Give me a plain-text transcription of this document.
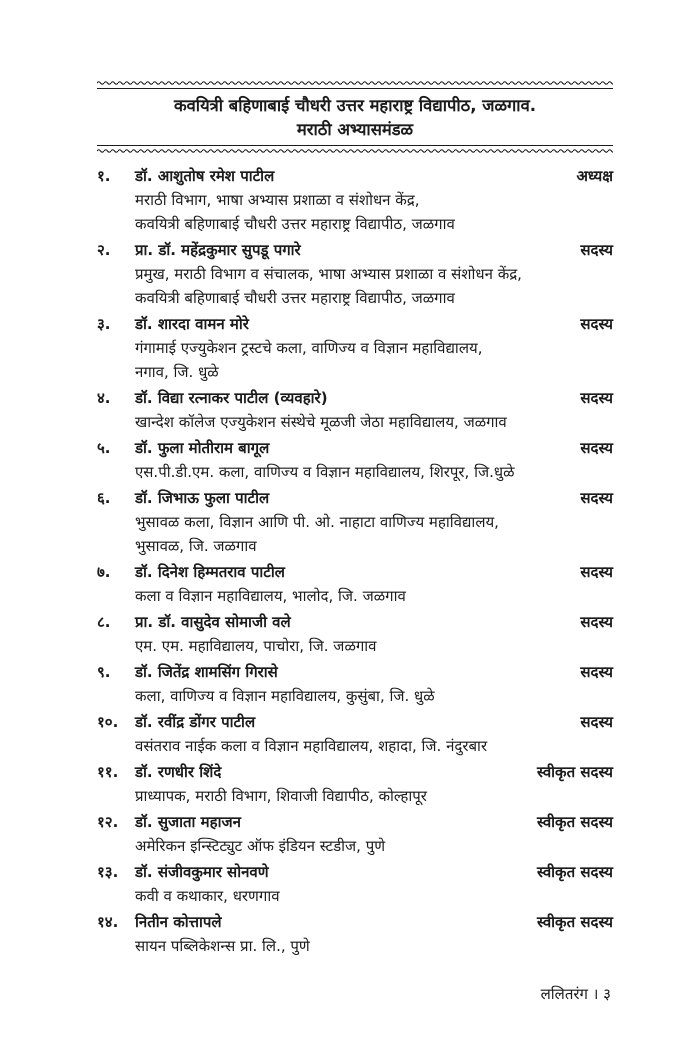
कवयित्री बहिणाबाई चौधरी उत्तर महाराष्ट्र विद्यापीठ, जळगाव.
मराठी अभ्यासमंडळ
१.	डॉ. आशुतोष रमेश पाटील	अध्यक्ष
मराठी विभाग, भाषा अभ्यास प्रशाळा व संशोधन केंद्र,
कवयित्री बहिणाबाई चौधरी उत्तर महाराष्ट्र विद्यापीठ, जळगाव
२.	प्रा. डॉ. महेंद्रकुमार सुपडू पगारे	सदस्य
प्रमुख, मराठी विभाग व संचालक, भाषा अभ्यास प्रशाळा व संशोधन केंद्र,
कवयित्री बहिणाबाई चौधरी उत्तर महाराष्ट्र विद्यापीठ, जळगाव
३.	डॉ. शारदा वामन मोरे	सदस्य
गंगामाई एज्युकेशन ट्रस्टचे कला, वाणिज्य व विज्ञान महाविद्यालय,
नगाव, जि. धुळे
४.	डॉ. विद्या रत्नाकर पाटील (व्यवहारे)	सदस्य
खान्देश कॉलेज एज्युकेशन संस्थेचे मूळजी जेठा महाविद्यालय, जळगाव
५.	डॉ. फुला मोतीराम बागूल	सदस्य
एस.पी.डी.एम. कला, वाणिज्य व विज्ञान महाविद्यालय, शिरपूर, जि.धुळे
६.	डॉ. जिभाऊ फुला पाटील	सदस्य
भुसावळ कला, विज्ञान आणि पी. ओ. नाहाटा वाणिज्य महाविद्यालय,
भुसावळ, जि. जळगाव
७.	डॉ. दिनेश हिम्मतराव पाटील	सदस्य
कला व विज्ञान महाविद्यालय, भालोद, जि. जळगाव
८.	प्रा. डॉ. वासुदेव सोमाजी वले	सदस्य
एम. एम. महाविद्यालय, पाचोरा, जि. जळगाव
९.	डॉ. जितेंद्र शामसिंग गिरासे	सदस्य
कला, वाणिज्य व विज्ञान महाविद्यालय, कुसुंबा, जि. धुळे
१०.	डॉ. रवींद्र डोंगर पाटील	सदस्य
वसंतराव नाईक कला व विज्ञान महाविद्यालय, शहादा, जि. नंदुरबार
११.	डॉ. रणधीर शिंदे	स्वीकृत सदस्य
प्राध्यापक, मराठी विभाग, शिवाजी विद्यापीठ, कोल्हापूर
१२.	डॉ. सुजाता महाजन	स्वीकृत सदस्य
अमेरिकन इन्स्टिट्युट ऑफ इंडियन स्टडीज, पुणे
१३.	डॉ. संजीवकुमार सोनवणे	स्वीकृत सदस्य
कवी व कथाकार, धरणगाव
१४.	नितीन कोत्तापले	स्वीकृत सदस्य
सायन पब्लिकेशन्स प्रा. लि., पुणे
ललितरंग । ३
